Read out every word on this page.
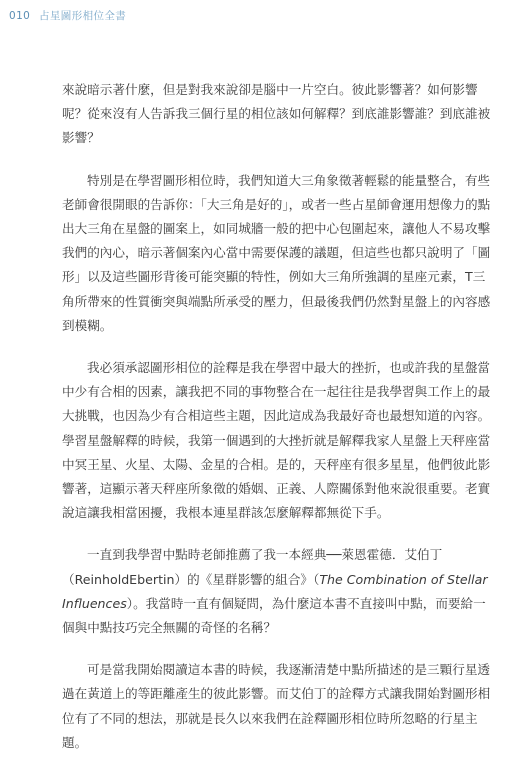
010 占星圖形相位全書

來說暗示著什麼，但是對我來說卻是腦中一片空白。彼此影響著？如何影響呢？從來沒有人告訴我三個行星的相位該如何解釋？到底誰影響誰？到底誰被影響？

特別是在學習圖形相位時，我們知道大三角象徵著輕鬆的能量整合，有些老師會很開眼的告訴你：「大三角是好的」，或者一些占星師會運用想像力的點出大三角在星盤的圖案上，如同城牆一般的把中心包圍起來，讓他人不易攻擊我們的內心，暗示著個案內心當中需要保護的議題，但這些也都只說明了「圖形」以及這些圖形背後可能突顯的特性，例如大三角所強調的星座元素，T三角所帶來的性質衝突與端點所承受的壓力，但最後我們仍然對星盤上的內容感到模糊。

我必須承認圖形相位的詮釋是我在學習中最大的挫折，也或許我的星盤當中少有合相的因素，讓我把不同的事物整合在一起往往是我學習與工作上的最大挑戰，也因為少有合相這些主題，因此這成為我最好奇也最想知道的內容。學習星盤解釋的時候，我第一個遇到的大挫折就是解釋我家人星盤上天秤座當中冥王星、火星、太陽、金星的合相。是的，天秤座有很多星星，他們彼此影響著，這顯示著天秤座所象徵的婚姻、正義、人際關係對他來說很重要。老實說這讓我相當困擾，我根本連星群該怎麼解釋都無從下手。

一直到我學習中點時老師推薦了我一本經典──萊恩霍德．艾伯丁（ReinholdEbertin）的《星群影響的組合》（The Combination of Stellar Influences）。我當時一直有個疑問，為什麼這本書不直接叫中點，而要給一個與中點技巧完全無關的奇怪的名稱？

可是當我開始閱讀這本書的時候，我逐漸清楚中點所描述的是三顆行星透過在黃道上的等距離產生的彼此影響。而艾伯丁的詮釋方式讓我開始對圖形相位有了不同的想法，那就是長久以來我們在詮釋圖形相位時所忽略的行星主題。
